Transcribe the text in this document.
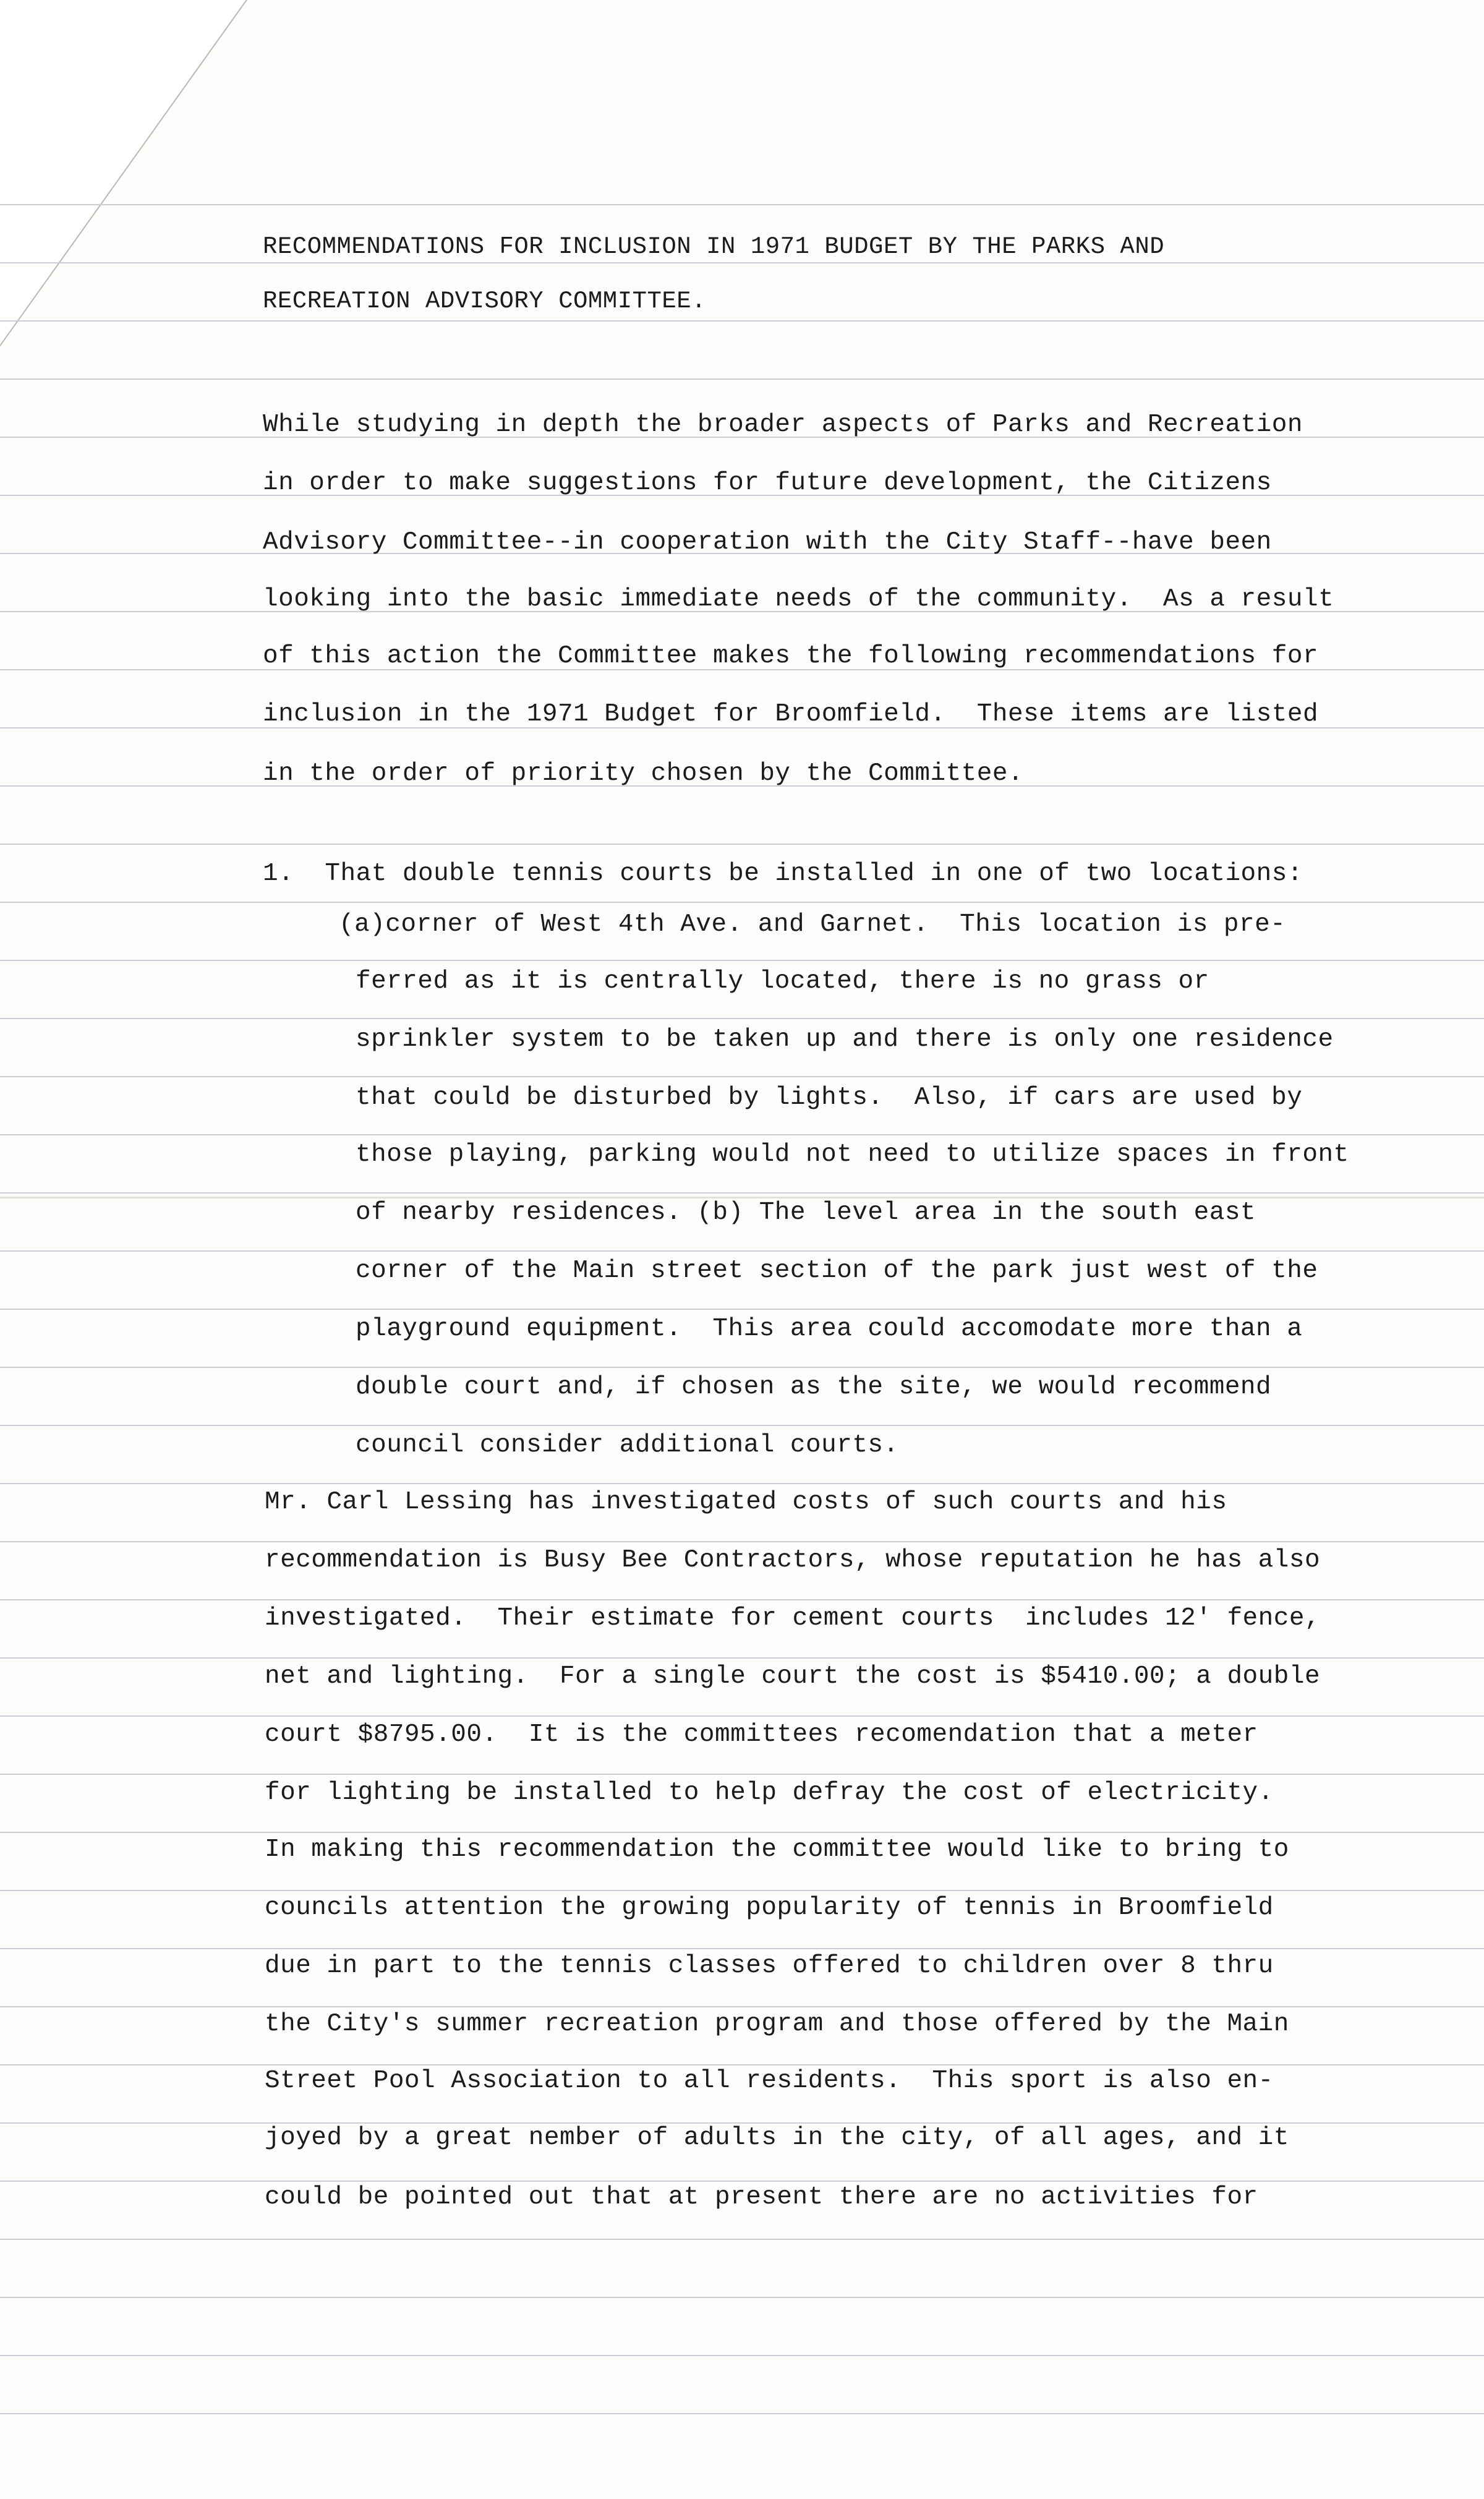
RECOMMENDATIONS FOR INCLUSION IN 1971 BUDGET BY THE PARKS AND
RECREATION ADVISORY COMMITTEE.
While studying in depth the broader aspects of Parks and Recreation
in order to make suggestions for future development, the Citizens
Advisory Committee--in cooperation with the City Staff--have been
looking into the basic immediate needs of the community.  As a result
of this action the Committee makes the following recommendations for
inclusion in the 1971 Budget for Broomfield.  These items are listed
in the order of priority chosen by the Committee.
1.  That double tennis courts be installed in one of two locations:
(a)corner of West 4th Ave. and Garnet.  This location is pre-
ferred as it is centrally located, there is no grass or
sprinkler system to be taken up and there is only one residence
that could be disturbed by lights.  Also, if cars are used by
those playing, parking would not need to utilize spaces in front
of nearby residences. (b) The level area in the south east
corner of the Main street section of the park just west of the
playground equipment.  This area could accomodate more than a
double court and, if chosen as the site, we would recommend
council consider additional courts.
Mr. Carl Lessing has investigated costs of such courts and his
recommendation is Busy Bee Contractors, whose reputation he has also
investigated.  Their estimate for cement courts  includes 12' fence,
net and lighting.  For a single court the cost is $5410.00; a double
court $8795.00.  It is the committees recomendation that a meter
for lighting be installed to help defray the cost of electricity.
In making this recommendation the committee would like to bring to
councils attention the growing popularity of tennis in Broomfield
due in part to the tennis classes offered to children over 8 thru
the City's summer recreation program and those offered by the Main
Street Pool Association to all residents.  This sport is also en-
joyed by a great nember of adults in the city, of all ages, and it
could be pointed out that at present there are no activities for
